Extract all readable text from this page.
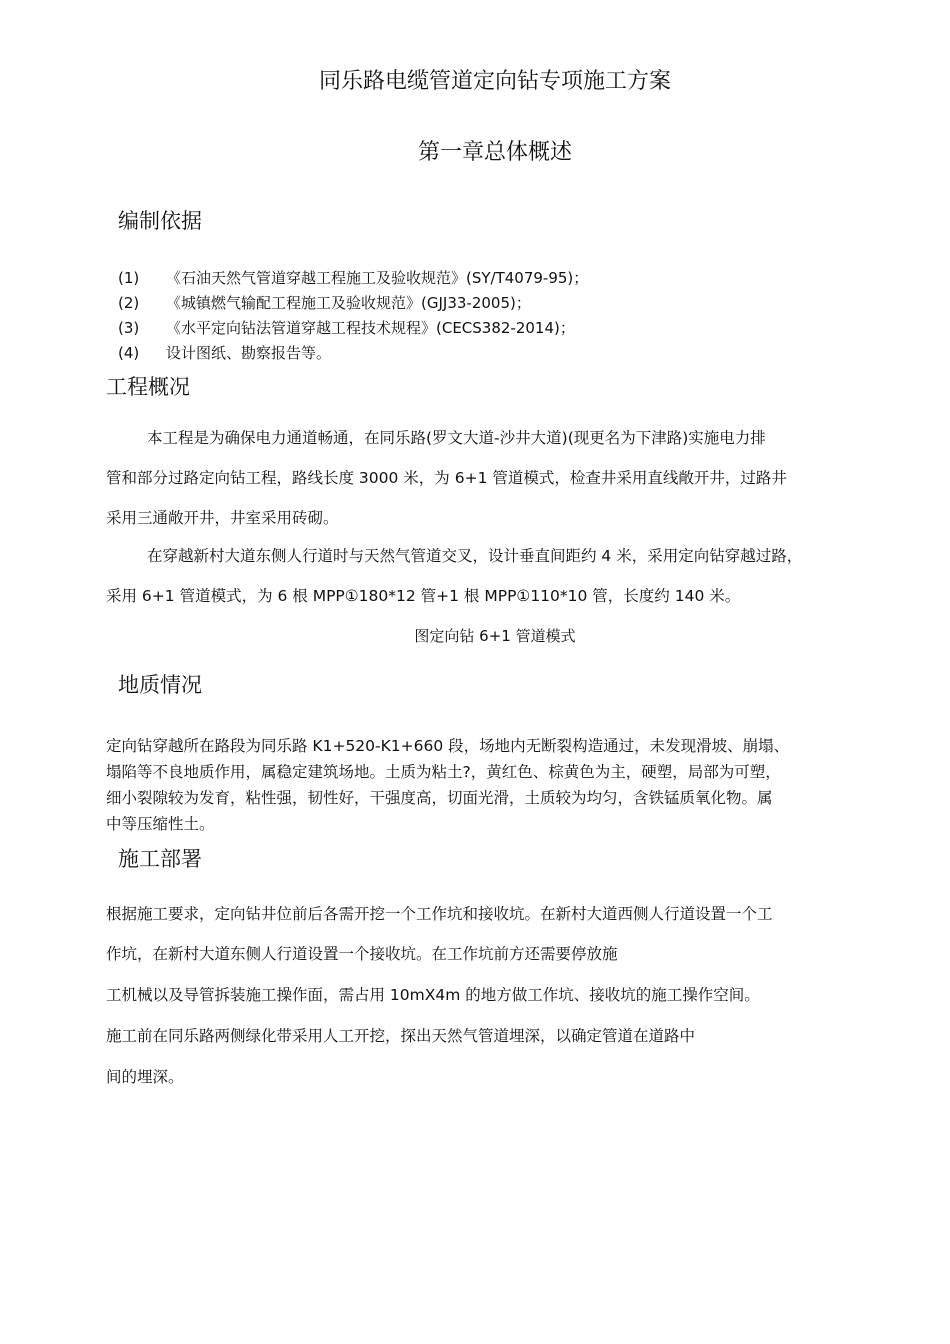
同乐路电缆管道定向钻专项施工方案
第一章总体概述
编制依据
(1) 《石油天然气管道穿越工程施工及验收规范》(SY/T4079-95)；
(2) 《城镇燃气输配工程施工及验收规范》(GJJ33-2005)；
(3) 《水平定向钻法管道穿越工程技术规程》(CECS382-2014)；
(4) 设计图纸、勘察报告等。
工程概况
本工程是为确保电力通道畅通，在同乐路(罗文大道-沙井大道)(现更名为下津路)实施电力排
管和部分过路定向钻工程，路线长度 3000 米，为 6+1 管道模式，检查井采用直线敞开井，过路井
采用三通敞开井，井室采用砖砌。
在穿越新村大道东侧人行道时与天然气管道交叉，设计垂直间距约 4 米，采用定向钻穿越过路，
采用 6+1 管道模式，为 6 根 MPP①180*12 管+1 根 MPP①110*10 管，长度约 140 米。
图定向钻 6+1 管道模式
地质情况
定向钻穿越所在路段为同乐路 K1+520-K1+660 段，场地内无断裂构造通过，未发现滑坡、崩塌、
塌陷等不良地质作用，属稳定建筑场地。土质为粘土?，黄红色、棕黄色为主，硬塑，局部为可塑，
细小裂隙较为发育，粘性强，韧性好，干强度高，切面光滑，土质较为均匀，含铁锰质氧化物。属
中等压缩性土。
施工部署
根据施工要求，定向钻井位前后各需开挖一个工作坑和接收坑。在新村大道西侧人行道设置一个工
作坑，在新村大道东侧人行道设置一个接收坑。在工作坑前方还需要停放施
工机械以及导管拆装施工操作面，需占用 10mX4m 的地方做工作坑、接收坑的施工操作空间。
施工前在同乐路两侧绿化带采用人工开挖，探出天然气管道埋深，以确定管道在道路中
间的埋深。
